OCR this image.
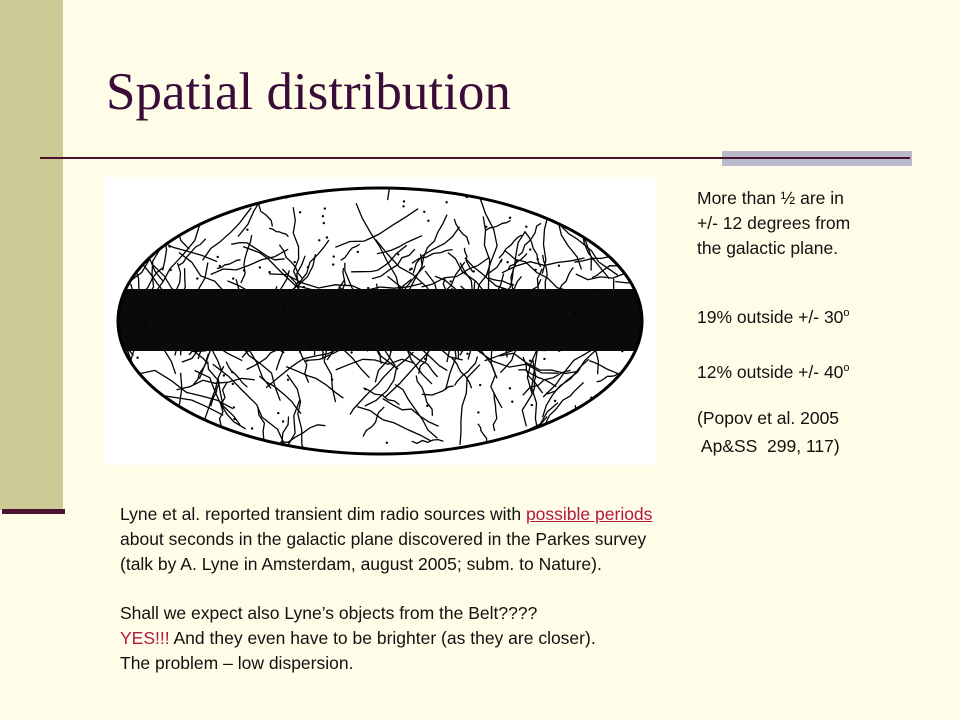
Spatial distribution
More than ½ are in
+/- 12 degrees from
the galactic plane.
19% outside +/- 30$^o$
12% outside +/- 40$^o$
(Popov et al. 2005
Ap&SS  299, 117)
Lyne et al. reported transient dim radio sources with possible periods
about seconds in the galactic plane discovered in the Parkes survey
(talk by A. Lyne in Amsterdam, august 2005; subm. to Nature).
Shall we expect also Lyne’s objects from the Belt????
YES!!! And they even have to be brighter (as they are closer).
The problem – low dispersion.
